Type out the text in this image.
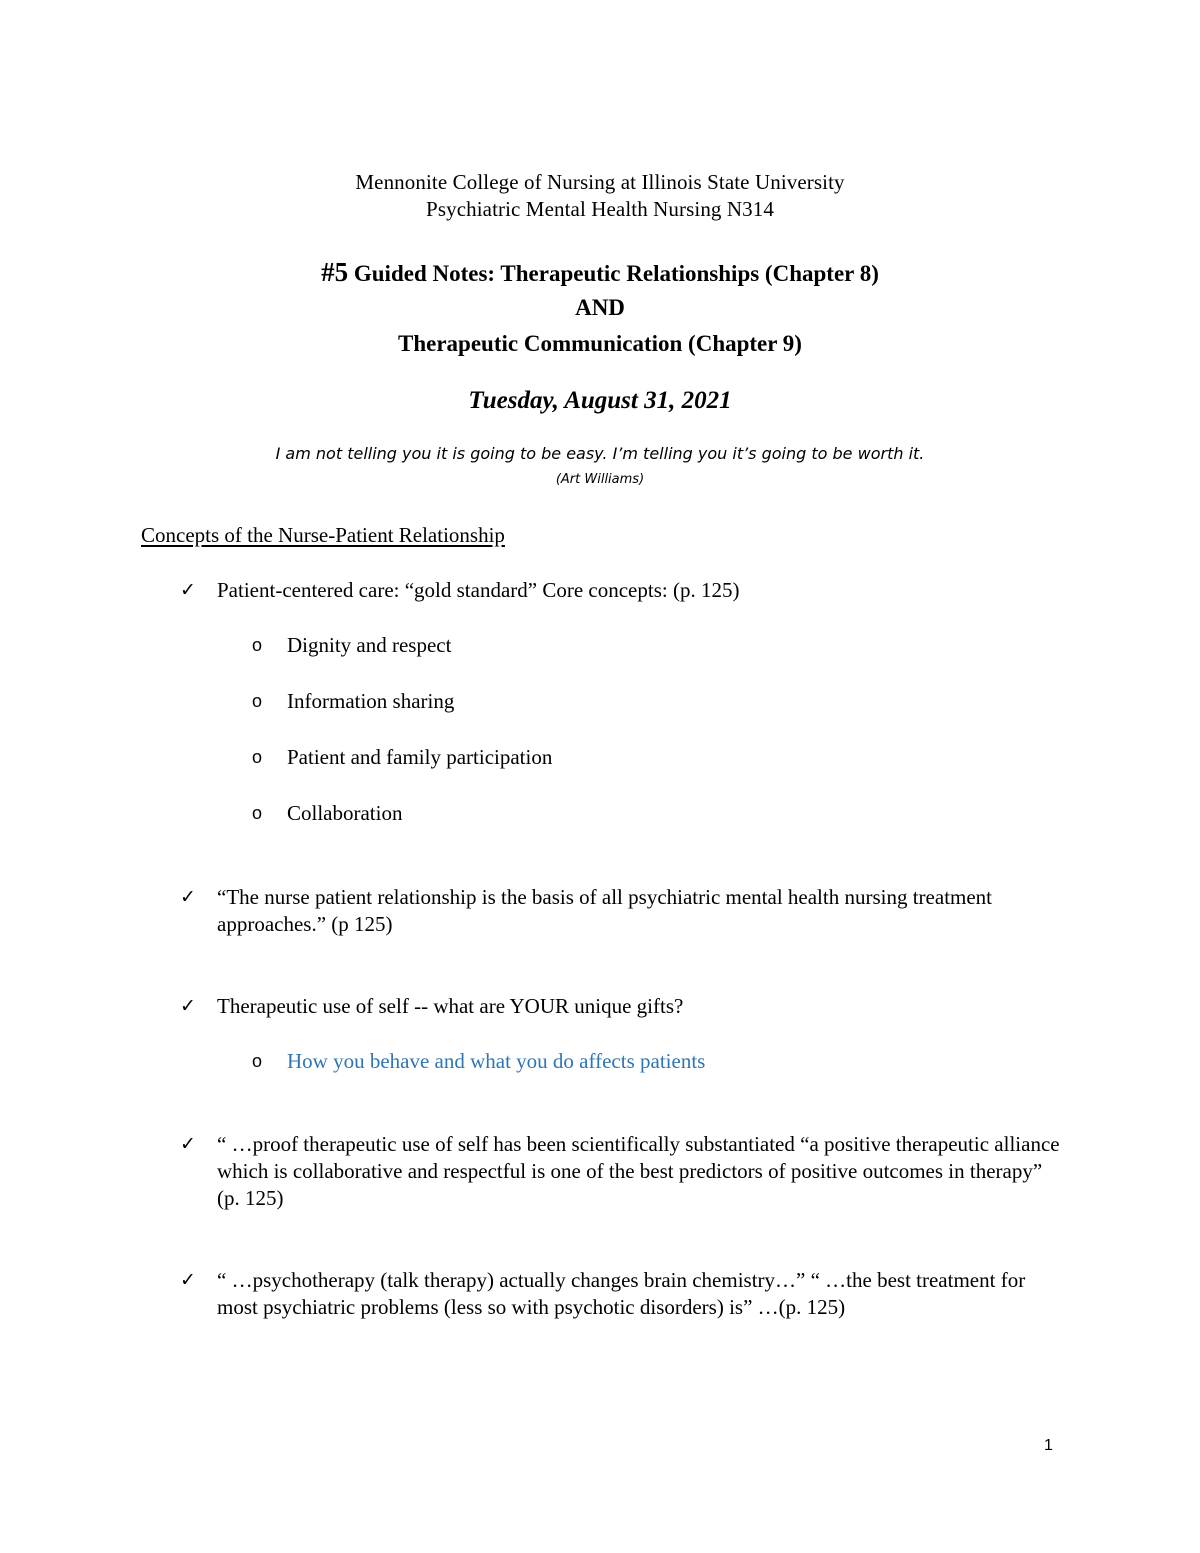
Mennonite College of Nursing at Illinois State University
Psychiatric Mental Health Nursing N314
#5 Guided Notes: Therapeutic Relationships (Chapter 8)
AND
Therapeutic Communication (Chapter 9)
Tuesday, August 31, 2021
I am not telling you it is going to be easy. I’m telling you it’s going to be worth it.
(Art Williams)
Concepts of the Nurse-Patient Relationship
✓ Patient-centered care: “gold standard” Core concepts: (p. 125)
o Dignity and respect
o Information sharing
o Patient and family participation
o Collaboration
✓ “The nurse patient relationship is the basis of all psychiatric mental health nursing treatment approaches.” (p 125)
✓ Therapeutic use of self -- what are YOUR unique gifts?
o How you behave and what you do affects patients
✓ “ …proof therapeutic use of self has been scientifically substantiated “a positive therapeutic alliance which is collaborative and respectful is one of the best predictors of positive outcomes in therapy” (p. 125)
✓ “ …psychotherapy (talk therapy) actually changes brain chemistry…” “ …the best treatment for most psychiatric problems (less so with psychotic disorders) is” …(p. 125)
1
